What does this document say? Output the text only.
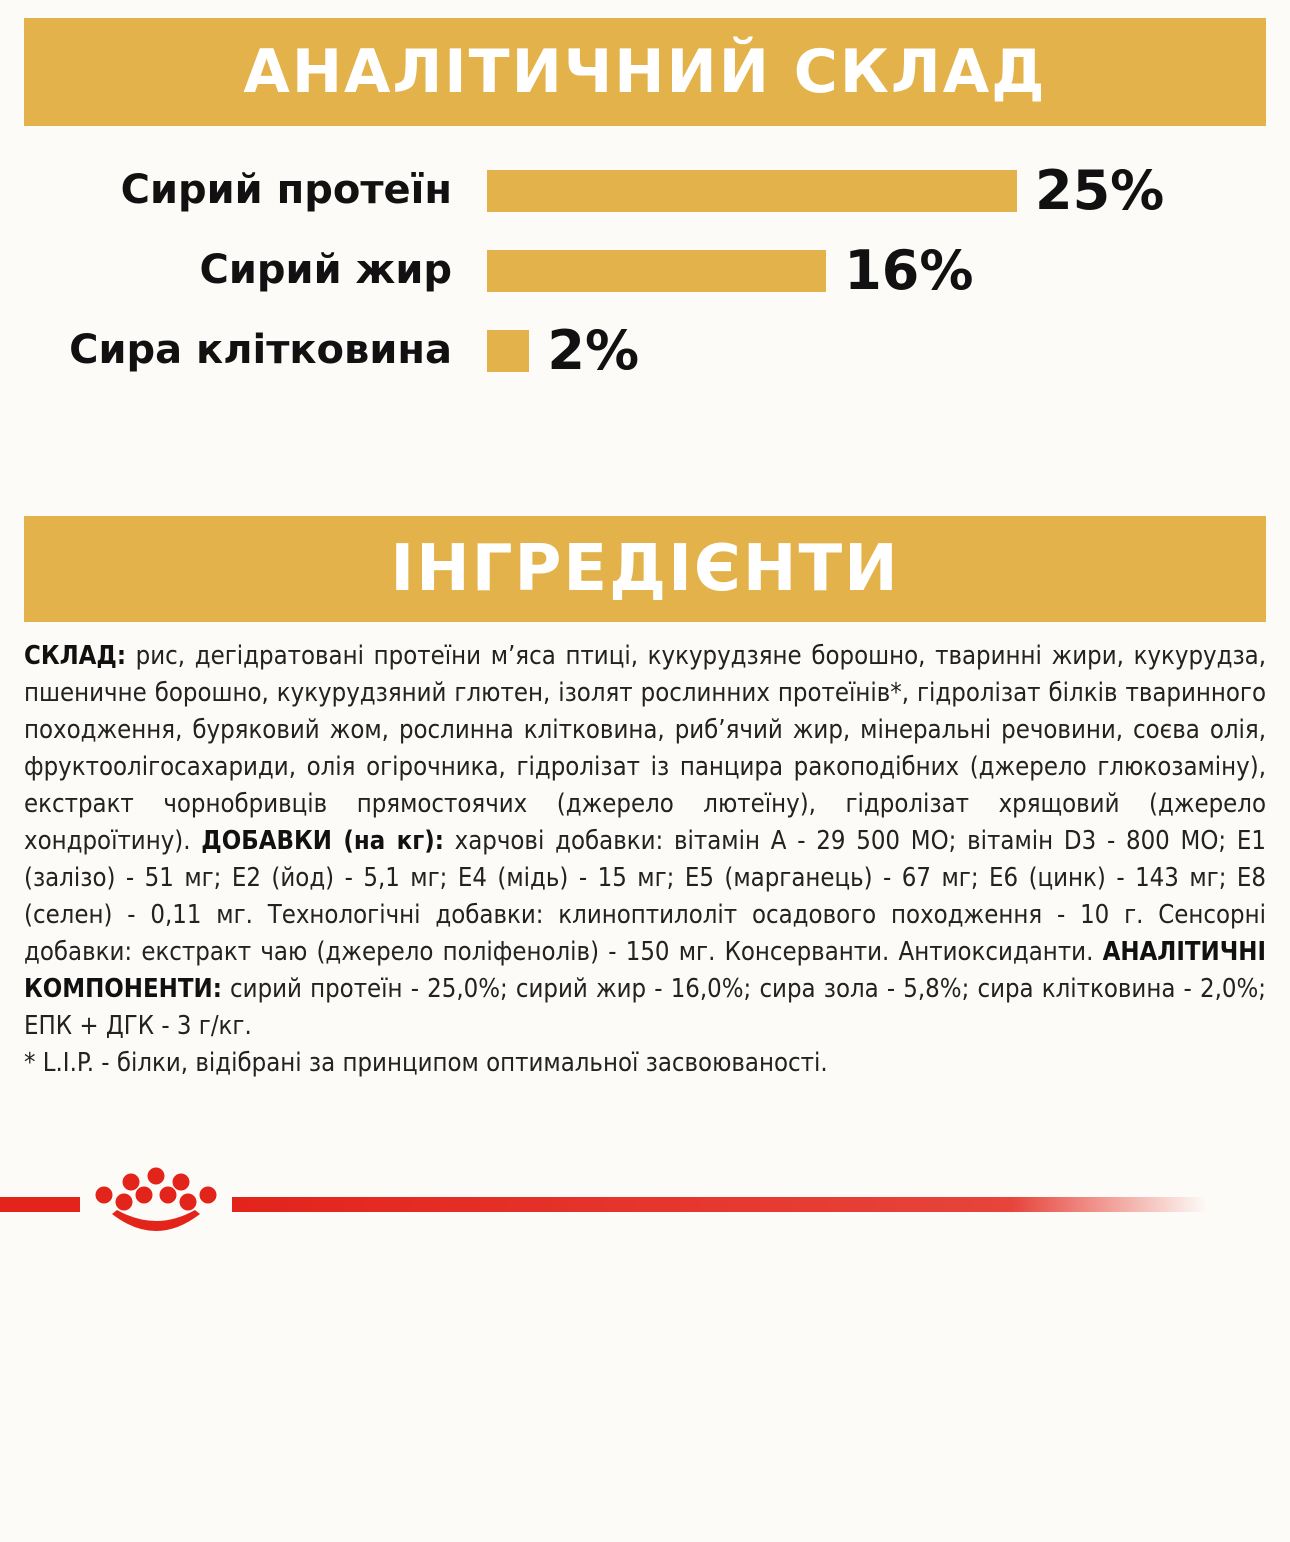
АНАЛІТИЧНИЙ СКЛАД
Сирий протеїн	25%
Сирий жир	16%
Сира клітковина 2%
ІНГРЕДІЄНТИ
СКЛАД: рис, дегідратовані протеїни м’яса птиці, кукурудзяне борошно, тваринні жири, кукурудза, пшеничне борошно, кукурудзяний глютен, ізолят рослинних протеїнів*, гідролізат білків тваринного походження, буряковий жом, рослинна клітковина, риб’ячий жир, мінеральні речовини, соєва олія, фруктоолігосахариди, олія огірочника, гідролізат із панцира ракоподібних (джерело глюкозаміну), екстракт чорнобривців прямостоячих (джерело лютеїну), гідролізат хрящовий (джерело хондроїтину). ДОБАВКИ (на кг): харчові добавки: вітамін А - 29 500 МО; вітамін D3 - 800 МО; Е1 (залізо) - 51 мг; Е2 (йод) - 5,1 мг; Е4 (мідь) - 15 мг; Е5 (марганець) - 67 мг; Е6 (цинк) - 143 мг; Е8 (селен) - 0,11 мг. Технологічні добавки: клиноптилоліт осадового походження - 10 г. Сенсорні добавки: екстракт чаю (джерело поліфенолів) - 150 мг. Консерванти. Антиоксиданти. АНАЛІТИЧНІ КОМПОНЕНТИ: сирий протеїн - 25,0%; сирий жир - 16,0%; сира зола - 5,8%; сира клітковина - 2,0%; ЕПК + ДГК - 3 г/кг.
* L.I.P. - білки, відібрані за принципом оптимальної засвоюваності.
